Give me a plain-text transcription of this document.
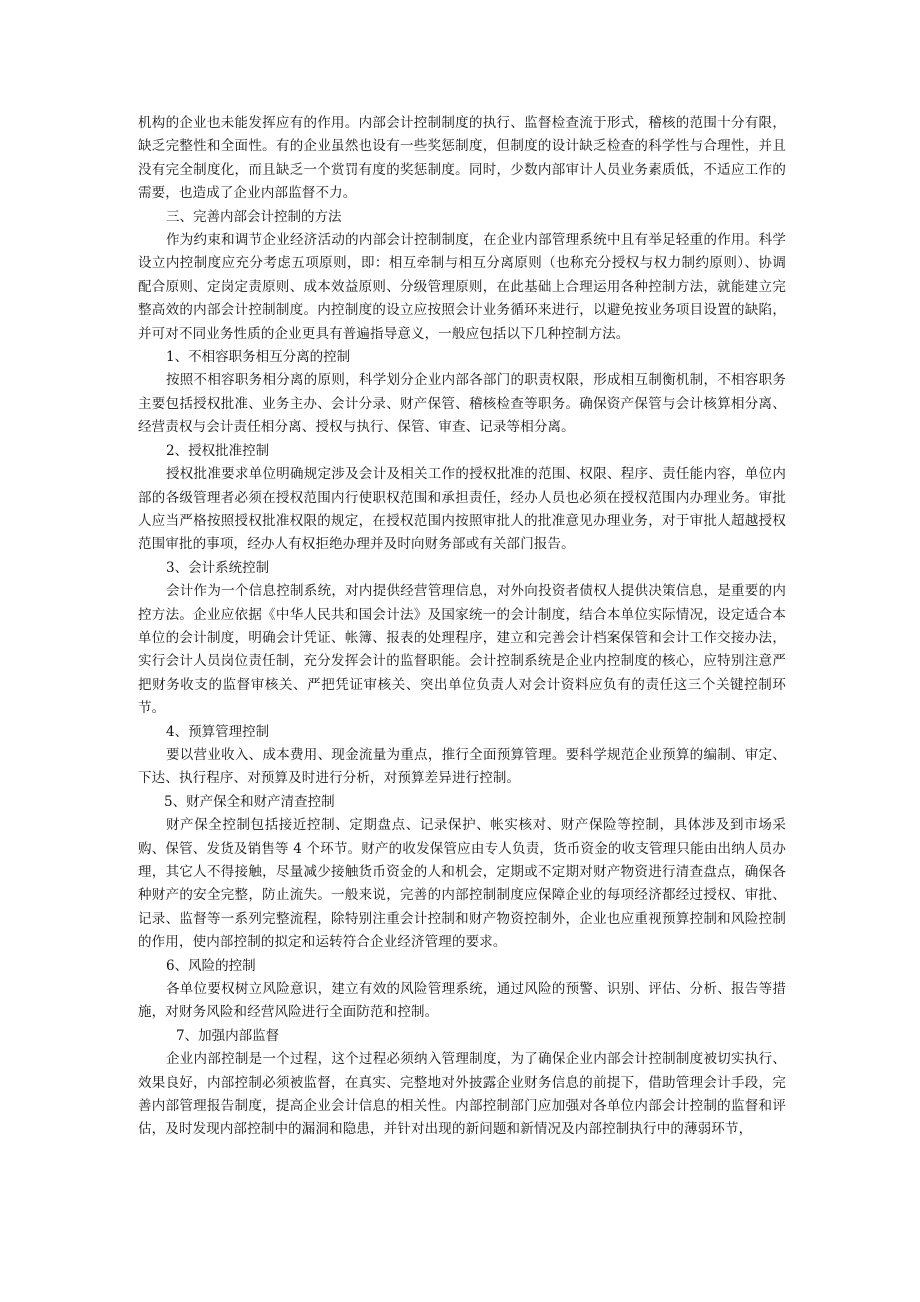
机构的企业也未能发挥应有的作用。内部会计控制制度的执行、监督检查流于形式，稽核的范围十分有限，缺乏完整性和全面性。有的企业虽然也设有一些奖惩制度，但制度的设计缺乏检查的科学性与合理性，并且没有完全制度化，而且缺乏一个赏罚有度的奖惩制度。同时，少数内部审计人员业务素质低，不适应工作的需要，也造成了企业内部监督不力。

三、完善内部会计控制的方法

作为约束和调节企业经济活动的内部会计控制制度，在企业内部管理系统中且有举足轻重的作用。科学设立内控制度应充分考虑五项原则，即：相互牵制与相互分离原则（也称充分授权与权力制约原则）、协调配合原则、定岗定责原则、成本效益原则、分级管理原则，在此基础上合理运用各种控制方法，就能建立完整高效的内部会计控制制度。内控制度的设立应按照会计业务循环来进行，以避免按业务项目设置的缺陷，并可对不同业务性质的企业更具有普遍指导意义，一般应包括以下几种控制方法。

1、不相容职务相互分离的控制

按照不相容职务相分离的原则，科学划分企业内部各部门的职责权限，形成相互制衡机制，不相容职务主要包括授权批准、业务主办、会计分录、财产保管、稽核检查等职务。确保资产保管与会计核算相分离、经营责权与会计责任相分离、授权与执行、保管、审查、记录等相分离。

2、授权批准控制

授权批准要求单位明确规定涉及会计及相关工作的授权批准的范围、权限、程序、责任能内容，单位内部的各级管理者必须在授权范围内行使职权范围和承担责任，经办人员也必须在授权范围内办理业务。审批人应当严格按照授权批准权限的规定，在授权范围内按照审批人的批准意见办理业务，对于审批人超越授权范围审批的事项，经办人有权拒绝办理并及时向财务部或有关部门报告。

3、会计系统控制

会计作为一个信息控制系统，对内提供经营管理信息，对外向投资者债权人提供决策信息，是重要的内控方法。企业应依据《中华人民共和国会计法》及国家统一的会计制度，结合本单位实际情况，设定适合本单位的会计制度，明确会计凭证、帐簿、报表的处理程序，建立和完善会计档案保管和会计工作交接办法，实行会计人员岗位责任制，充分发挥会计的监督职能。会计控制系统是企业内控制度的核心，应特别注意严把财务收支的监督审核关、严把凭证审核关、突出单位负责人对会计资料应负有的责任这三个关键控制环节。

4、预算管理控制

要以营业收入、成本费用、现金流量为重点，推行全面预算管理。要科学规范企业预算的编制、审定、下达、执行程序、对预算及时进行分析，对预算差异进行控制。

5、财产保全和财产清查控制

财产保全控制包括接近控制、定期盘点、记录保护、帐实核对、财产保险等控制，具体涉及到市场采购、保管、发货及销售等 4 个环节。财产的收发保管应由专人负责，货币资金的收支管理只能由出纳人员办理，其它人不得接触，尽量减少接触货币资金的人和机会，定期或不定期对财产物资进行清查盘点，确保各种财产的安全完整，防止流失。一般来说，完善的内部控制制度应保障企业的每项经济都经过授权、审批、记录、监督等一系列完整流程，除特别注重会计控制和财产物资控制外，企业也应重视预算控制和风险控制的作用，使内部控制的拟定和运转符合企业经济管理的要求。

6、风险的控制

各单位要权树立风险意识，建立有效的风险管理系统，通过风险的预警、识别、评估、分析、报告等措施，对财务风险和经营风险进行全面防范和控制。

7、加强内部监督

企业内部控制是一个过程，这个过程必须纳入管理制度，为了确保企业内部会计控制制度被切实执行、效果良好，内部控制必须被监督，在真实、完整地对外披露企业财务信息的前提下，借助管理会计手段，完善内部管理报告制度，提高企业会计信息的相关性。内部控制部门应加强对各单位内部会计控制的监督和评估，及时发现内部控制中的漏洞和隐患，并针对出现的新问题和新情况及内部控制执行中的薄弱环节，
